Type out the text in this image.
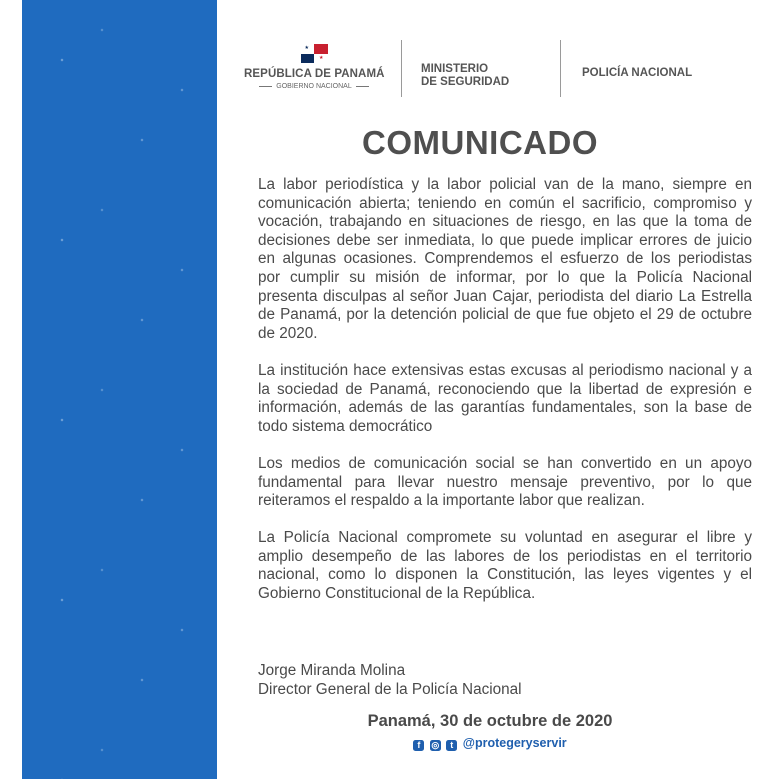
★
★
REPÚBLICA DE PANAMÁ
GOBIERNO NACIONAL
MINISTERIO
DE SEGURIDAD
POLICÍA NACIONAL
COMUNICADO

La labor periodística y la labor policial van de la mano, siempre en comunicación abierta; teniendo en común el sacrificio, compromiso y vocación, trabajando en situaciones de riesgo, en las que la toma de decisiones debe ser inmediata, lo que puede implicar errores de juicio en algunas ocasiones. Comprendemos el esfuerzo de los periodistas por cumplir su misión de informar, por lo que la Policía Nacional presenta disculpas al señor Juan Cajar, periodista del diario La Estrella de Panamá, por la detención policial de que fue objeto el 29 de octubre de 2020.

La institución hace extensivas estas excusas al periodismo nacional y a la sociedad de Panamá, reconociendo que la libertad de expresión e información, además de las garantías fundamentales, son la base de todo sistema democrático

Los medios de comunicación social se han convertido en un apoyo fundamental para llevar nuestro mensaje preventivo, por lo que reiteramos el respaldo a la importante labor que realizan.

La Policía Nacional compromete su voluntad en asegurar el libre y amplio desempeño de las labores de los periodistas en el territorio nacional, como lo disponen la Constitución, las leyes vigentes y el Gobierno Constitucional de la República.

Jorge Miranda Molina
Director General de la Policía Nacional
Panamá, 30 de octubre de 2020
f ◎ t @protegeryservir
